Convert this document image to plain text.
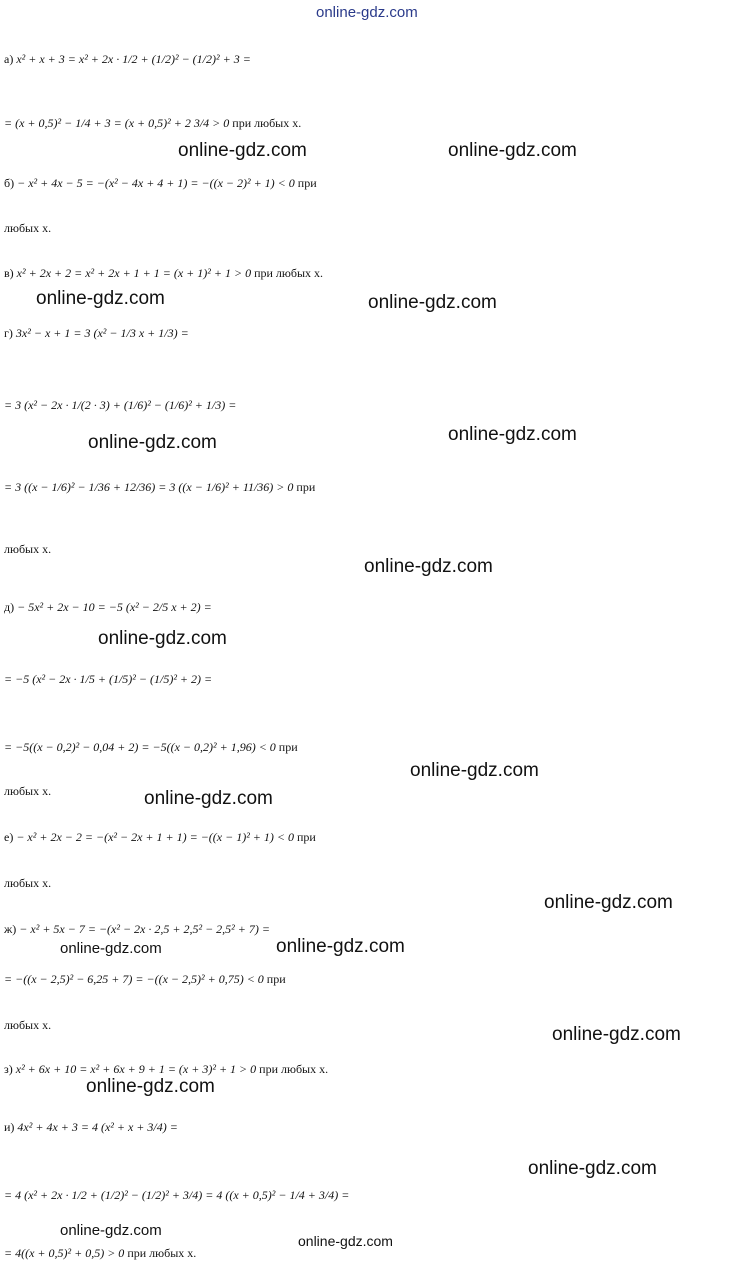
online-gdz.com
а) x² + x + 3 = x² + 2x · 1/2 + (1/2)² − (1/2)² + 3 =
= (x + 0,5)² − 1/4 + 3 = (x + 0,5)² + 2 3/4 > 0 при любых x.
б) − x² + 4x − 5 = −(x² − 4x + 4 + 1) = −((x − 2)² + 1) < 0 при
любых x.
в) x² + 2x + 2 = x² + 2x + 1 + 1 = (x + 1)² + 1 > 0 при любых x.
г) 3x² − x + 1 = 3 (x² − 1/3 x + 1/3) =
= 3 (x² − 2x · 1/(2 · 3) + (1/6)² − (1/6)² + 1/3) =
= 3 ((x − 1/6)² − 1/36 + 12/36) = 3 ((x − 1/6)² + 11/36) > 0 при
любых x.
д) − 5x² + 2x − 10 = −5 (x² − 2/5 x + 2) =
= −5 (x² − 2x · 1/5 + (1/5)² − (1/5)² + 2) =
= −5((x − 0,2)² − 0,04 + 2) = −5((x − 0,2)² + 1,96) < 0 при
любых x.
е) − x² + 2x − 2 = −(x² − 2x + 1 + 1) = −((x − 1)² + 1) < 0 при
любых x.
ж) − x² + 5x − 7 = −(x² − 2x · 2,5 + 2,5² − 2,5² + 7) =
= −((x − 2,5)² − 6,25 + 7) = −((x − 2,5)² + 0,75) < 0 при
любых x.
з) x² + 6x + 10 = x² + 6x + 9 + 1 = (x + 3)² + 1 > 0 при любых x.
и) 4x² + 4x + 3 = 4 (x² + x + 3/4) =
= 4 (x² + 2x · 1/2 + (1/2)² − (1/2)² + 3/4) = 4 ((x + 0,5)² − 1/4 + 3/4) =
= 4((x + 0,5)² + 0,5) > 0 при любых x.
online-gdz.com	online-gdz.com
online-gdz.com	online-gdz.com
online-gdz.com	online-gdz.com
online-gdz.com
online-gdz.com
online-gdz.com
online-gdz.com
online-gdz.com
online-gdz.com	online-gdz.com
online-gdz.com
online-gdz.com
online-gdz.com
online-gdz.com
online-gdz.com
